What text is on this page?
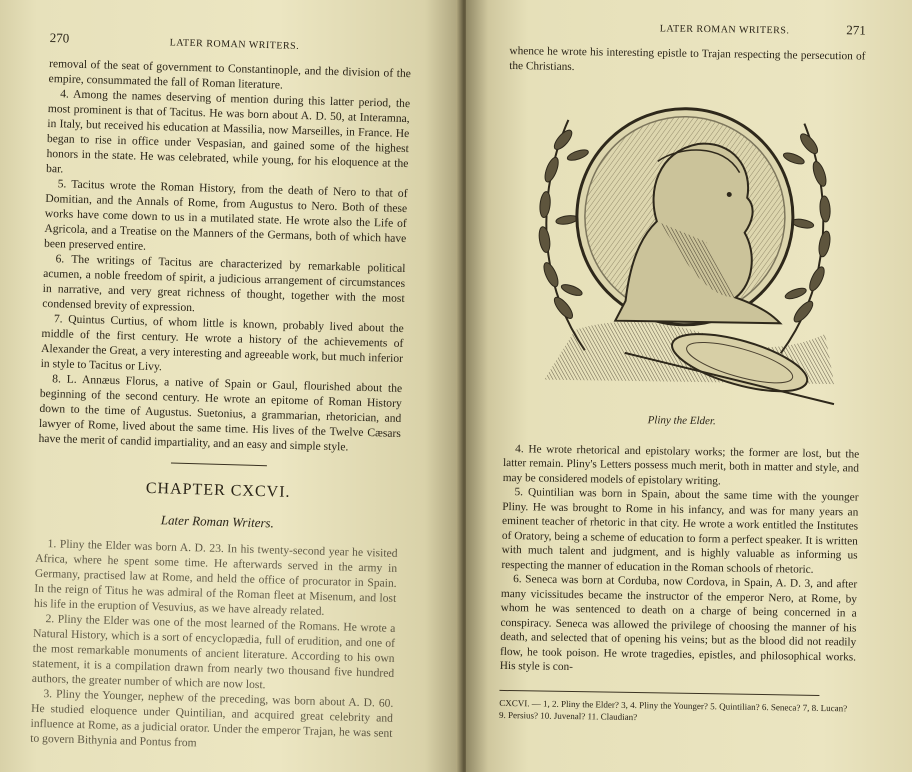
270	LATER ROMAN WRITERS.

removal of the seat of government to Constantinople, and the division of the empire, consummated the fall of Roman literature.

4. Among the names deserving of mention during this latter period, the most prominent is that of Tacitus. He was born about A. D. 50, at Interamna, in Italy, but received his education at Massilia, now Marseilles, in France. He began to rise in office under Vespasian, and gained some of the highest honors in the state. He was celebrated, while young, for his eloquence at the bar.

5. Tacitus wrote the Roman History, from the death of Nero to that of Domitian, and the Annals of Rome, from Augustus to Nero. Both of these works have come down to us in a mutilated state. He wrote also the Life of Agricola, and a Treatise on the Manners of the Germans, both of which have been preserved entire.

6. The writings of Tacitus are characterized by remarkable political acumen, a noble freedom of spirit, a judicious arrangement of circumstances in narrative, and very great richness of thought, together with the most condensed brevity of expression.

7. Quintus Curtius, of whom little is known, probably lived about the middle of the first century. He wrote a history of the achievements of Alexander the Great, a very interesting and agreeable work, but much inferior in style to Tacitus or Livy.

8. L. Annæus Florus, a native of Spain or Gaul, flourished about the beginning of the second century. He wrote an epitome of Roman History down to the time of Augustus. Suetonius, a grammarian, rhetorician, and lawyer of Rome, lived about the same time. His lives of the Twelve Cæsars have the merit of candid impartiality, and an easy and simple style.

CHAPTER CXCVI.
Later Roman Writers.

1. Pliny the Elder was born A. D. 23. In his twenty-second year he visited Africa, where he spent some time. He afterwards served in the army in Germany, practised law at Rome, and held the office of procurator in Spain. In the reign of Titus he was admiral of the Roman fleet at Misenum, and lost his life in the eruption of Vesuvius, as we have already related.

2. Pliny the Elder was one of the most learned of the Romans. He wrote a Natural History, which is a sort of encyclopædia, full of erudition, and one of the most remarkable monuments of ancient literature. According to his own statement, it is a compilation drawn from nearly two thousand five hundred authors, the greater number of which are now lost.

3. Pliny the Younger, nephew of the preceding, was born about A. D. 60. He studied eloquence under Quintilian, and acquired great celebrity and influence at Rome, as a judicial orator. Under the emperor Trajan, he was sent to govern Bithynia and Pontus from

LATER ROMAN WRITERS.	271

whence he wrote his interesting epistle to Trajan respecting the persecution of the Christians.

Pliny the Elder.

4. He wrote rhetorical and epistolary works; the former are lost, but the latter remain. Pliny's Letters possess much merit, both in matter and style, and may be considered models of epistolary writing.

5. Quintilian was born in Spain, about the same time with the younger Pliny. He was brought to Rome in his infancy, and was for many years an eminent teacher of rhetoric in that city. He wrote a work entitled the Institutes of Oratory, being a scheme of education to form a perfect speaker. It is written with much talent and judgment, and is highly valuable as informing us respecting the manner of education in the Roman schools of rhetoric.

6. Seneca was born at Corduba, now Cordova, in Spain, A. D. 3, and after many vicissitudes became the instructor of the emperor Nero, at Rome, by whom he was sentenced to death on a charge of being concerned in a conspiracy. Seneca was allowed the privilege of choosing the manner of his death, and selected that of opening his veins; but as the blood did not readily flow, he took poison. He wrote tragedies, epistles, and philosophical works. His style is con-

CXCVI. — 1, 2. Pliny the Elder? 3, 4. Pliny the Younger? 5. Quintilian? 6. Seneca? 7, 8. Lucan? 9. Persius? 10. Juvenal? 11. Claudian?
